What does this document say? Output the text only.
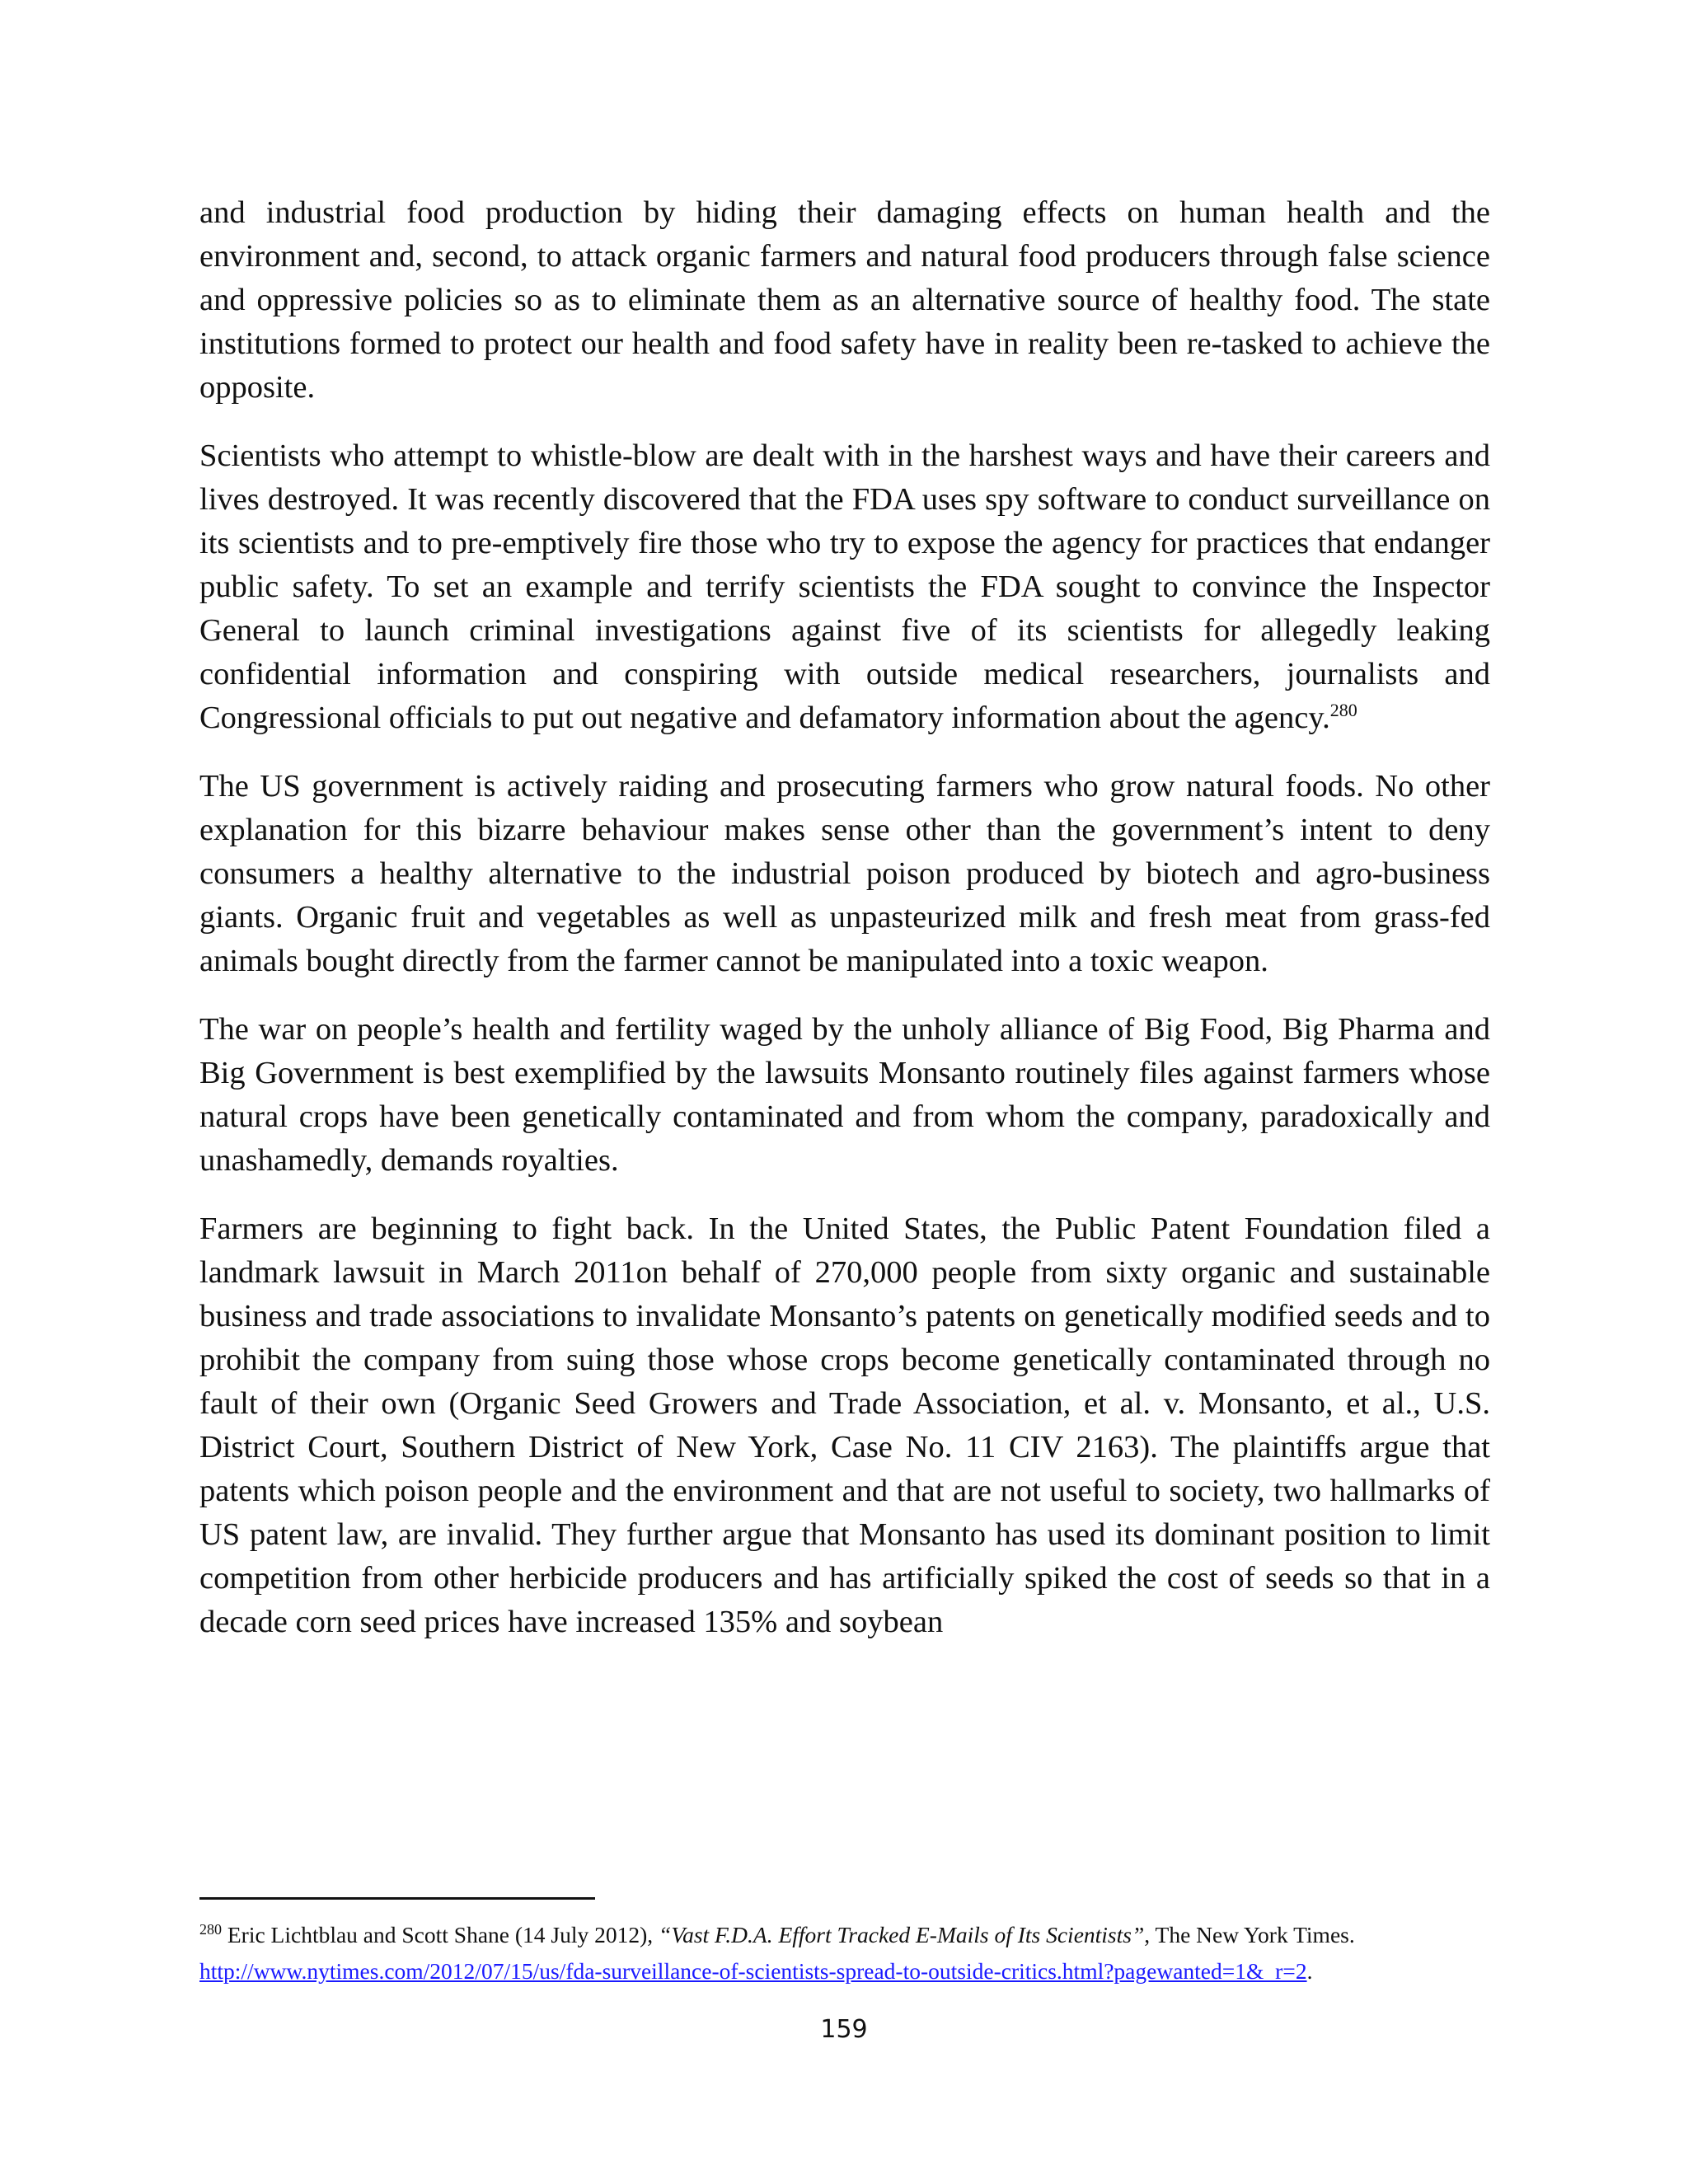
and industrial food production by hiding their damaging effects on human health and the environment and, second, to attack organic farmers and natural food producers through false science and oppressive policies so as to eliminate them as an alternative source of healthy food. The state institutions formed to protect our health and food safety have in reality been re-tasked to achieve the opposite.

Scientists who attempt to whistle-blow are dealt with in the harshest ways and have their careers and lives destroyed. It was recently discovered that the FDA uses spy software to conduct surveillance on its scientists and to pre-emptively fire those who try to expose the agency for practices that endanger public safety. To set an example and terrify scientists the FDA sought to convince the Inspector General to launch criminal investigations against five of its scientists for allegedly leaking confidential information and conspiring with outside medical researchers, journalists and Congressional officials to put out negative and defamatory information about the agency.$^{280}$

The US government is actively raiding and prosecuting farmers who grow natural foods. No other explanation for this bizarre behaviour makes sense other than the government’s intent to deny consumers a healthy alternative to the industrial poison produced by biotech and agro-business giants. Organic fruit and vegetables as well as unpasteurized milk and fresh meat from grass-fed animals bought directly from the farmer cannot be manipulated into a toxic weapon.

The war on people’s health and fertility waged by the unholy alliance of Big Food, Big Pharma and Big Government is best exemplified by the lawsuits Monsanto routinely files against farmers whose natural crops have been genetically contaminated and from whom the company, paradoxically and unashamedly, demands royalties.

Farmers are beginning to fight back. In the United States, the Public Patent Foundation filed a landmark lawsuit in March 2011on behalf of 270,000 people from sixty organic and sustainable business and trade associations to invalidate Monsanto’s patents on genetically modified seeds and to prohibit the company from suing those whose crops become genetically contaminated through no fault of their own (Organic Seed Growers and Trade Association, et al. v. Monsanto, et al., U.S. District Court, Southern District of New York, Case No. 11 CIV 2163). The plaintiffs argue that patents which poison people and the environment and that are not useful to society, two hallmarks of US patent law, are invalid. They further argue that Monsanto has used its dominant position to limit competition from other herbicide producers and has artificially spiked the cost of seeds so that in a decade corn seed prices have increased 135% and soybean

$^{280}$ Eric Lichtblau and Scott Shane (14 July 2012), “Vast F.D.A. Effort Tracked E-Mails of Its Scientists”, The New York Times.
http://www.nytimes.com/2012/07/15/us/fda-surveillance-of-scientists-spread-to-outside-critics.html?pagewanted=1&_r=2.
159
